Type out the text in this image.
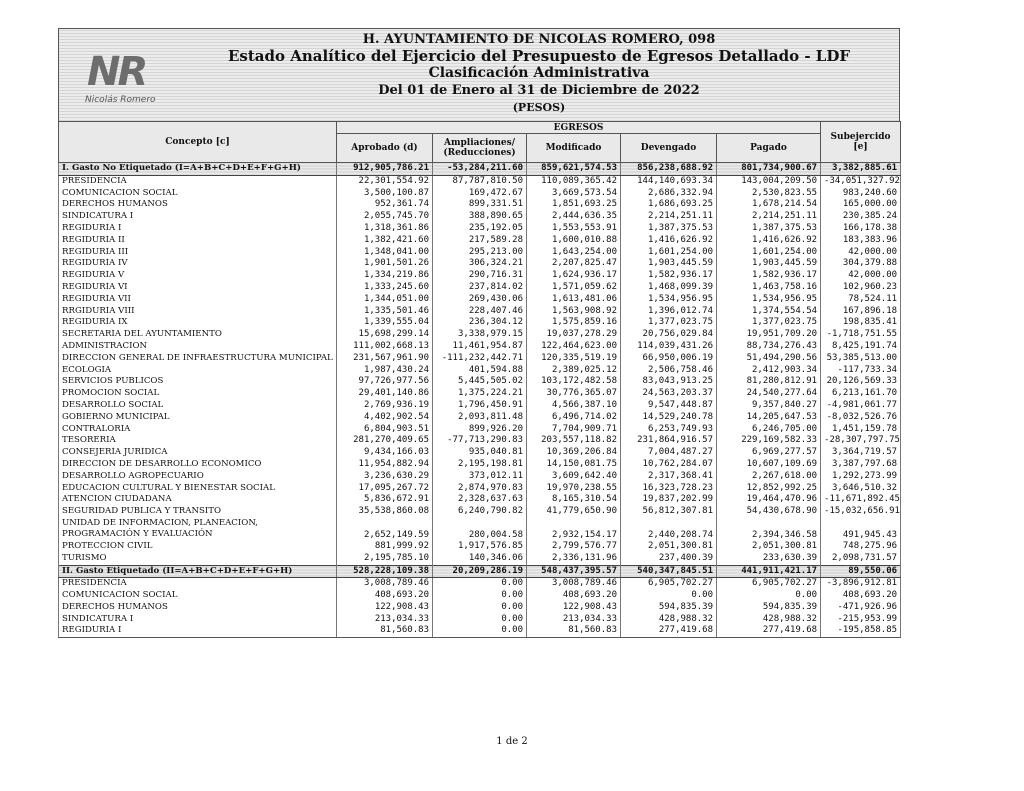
NR
Nicolás Romero
H. AYUNTAMIENTO DE NICOLAS ROMERO, 098
Estado Analítico del Ejercicio del Presupuesto de Egresos Detallado - LDF
Clasificación Administrativa
Del 01 de Enero al 31 de Diciembre de 2022
(PESOS)
Concepto [c]	EGRESOS					Subejercido [e]
	Aprobado (d)	Ampliaciones/ (Reducciones)	Modificado	Devengado	Pagado	
I. Gasto No Etiquetado (I=A+B+C+D+E+F+G+H)	912,905,786.21	-53,284,211.60	859,621,574.53	856,238,688.92	801,734,900.67	3,382,885.61
PRESIDENCIA	22,301,554.92	87,787,810.50	110,089,365.42	144,140,693.34	143,004,209.50	-34,051,327.92
COMUNICACION SOCIAL	3,500,100.87	169,472.67	3,669,573.54	2,686,332.94	2,530,823.55	983,240.60
DERECHOS HUMANOS	952,361.74	899,331.51	1,851,693.25	1,686,693.25	1,678,214.54	165,000.00
SINDICATURA I	2,055,745.70	388,890.65	2,444,636.35	2,214,251.11	2,214,251.11	230,385.24
REGIDURÍA I	1,318,361.86	235,192.05	1,553,553.91	1,387,375.53	1,387,375.53	166,178.38
REGIDURÍA II	1,382,421.60	217,589.28	1,600,010.88	1,416,626.92	1,416,626.92	183,383.96
REGIDURÍA III	1,348,041.00	295,213.00	1,643,254.00	1,601,254.00	1,601,254.00	42,000.00
REGIDURÍA IV	1,901,501.26	306,324.21	2,207,825.47	1,903,445.59	1,903,445.59	304,379.88
REGIDURÍA V	1,334,219.86	290,716.31	1,624,936.17	1,582,936.17	1,582,936.17	42,000.00
REGIDURÍA VI	1,333,245.60	237,814.02	1,571,059.62	1,468,099.39	1,463,758.16	102,960.23
REGIDURÍA VII	1,344,051.00	269,430.06	1,613,481.06	1,534,956.95	1,534,956.95	78,524.11
RRGIDURÍA VIII	1,335,501.46	228,407.46	1,563,908.92	1,396,012.74	1,374,554.54	167,896.18
REGIDURÍA IX	1,339,555.04	236,304.12	1,575,859.16	1,377,023.75	1,377,023.75	198,835.41
SECRETARÍA DEL AYUNTAMIENTO	15,698,299.14	3,338,979.15	19,037,278.29	20,756,029.84	19,951,709.20	-1,718,751.55
ADMINISTRACION	111,002,668.13	11,461,954.87	122,464,623.00	114,039,431.26	88,734,276.43	8,425,191.74
DIRECCION GENERAL DE INFRAESTRUCTURA MUNICIPAL	231,567,961.90	-111,232,442.71	120,335,519.19	66,950,006.19	51,494,290.56	53,385,513.00
ECOLOGIA	1,987,430.24	401,594.88	2,389,025.12	2,506,758.46	2,412,903.34	-117,733.34
SERVICIOS PÚBLICOS	97,726,977.56	5,445,505.02	103,172,482.58	83,043,913.25	81,280,812.91	20,126,569.33
PROMOCION SOCIAL	29,401,140.86	1,375,224.21	30,776,365.07	24,563,203.37	24,540,277.64	6,213,161.70
DESARROLLO SOCIAL	2,769,936.19	1,796,450.91	4,566,387.10	9,547,448.87	9,357,840.27	-4,981,061.77
GOBIERNO MUNICIPAL	4,402,902.54	2,093,811.48	6,496,714.02	14,529,240.78	14,205,647.53	-8,032,526.76
CONTRALORÍA	6,804,903.51	899,926.20	7,704,909.71	6,253,749.93	6,246,705.00	1,451,159.78
TESORERÍA	281,270,409.65	-77,713,290.83	203,557,118.82	231,864,916.57	229,169,582.33	-28,307,797.75
CONSEJERÍA JURÍDICA	9,434,166.03	935,040.81	10,369,206.84	7,004,487.27	6,969,277.57	3,364,719.57
DIRECCION DE DESARROLLO ECONOMICO	11,954,882.94	2,195,198.81	14,150,081.75	10,762,284.07	10,607,109.69	3,387,797.68
DESARROLLO AGROPECUARIO	3,236,630.29	373,012.11	3,609,642.40	2,317,368.41	2,267,618.00	1,292,273.99
EDUCACIÓN CULTURAL Y BIENESTAR SOCIAL	17,095,267.72	2,874,970.83	19,970,238.55	16,323,728.23	12,852,992.25	3,646,510.32
ATENCION CIUDADANA	5,836,672.91	2,328,637.63	8,165,310.54	19,837,202.99	19,464,470.96	-11,671,892.45
SEGURIDAD PUBLICA Y TRANSITO	35,538,860.08	6,240,790.82	41,779,650.90	56,812,307.81	54,430,678.90	-15,032,656.91
UNIDAD DE INFORMACION, PLANEACION, PROGRAMACIÓN Y EVALUACIÓN	2,652,149.59	280,004.58	2,932,154.17	2,440,208.74	2,394,346.58	491,945.43
PROTECCION CIVIL	881,999.92	1,917,576.85	2,799,576.77	2,051,300.81	2,051,300.81	748,275.96
TURISMO	2,195,785.10	140,346.06	2,336,131.96	237,400.39	233,630.39	2,098,731.57
II. Gasto Etiquetado (II=A+B+C+D+E+F+G+H)	528,228,109.38	20,209,286.19	548,437,395.57	540,347,845.51	441,911,421.17	89,550.06
PRESIDENCIA	3,008,789.46	0.00	3,008,789.46	6,905,702.27	6,905,702.27	-3,896,912.81
COMUNICACION SOCIAL	408,693.20	0.00	408,693.20	0.00	0.00	408,693.20
DERECHOS HUMANOS	122,908.43	0.00	122,908.43	594,835.39	594,835.39	-471,926.96
SINDICATURA I	213,034.33	0.00	213,034.33	428,988.32	428,988.32	-215,953.99
REGIDURÍA I	81,560.83	0.00	81,560.83	277,419.68	277,419.68	-195,858.85
1 de 2
